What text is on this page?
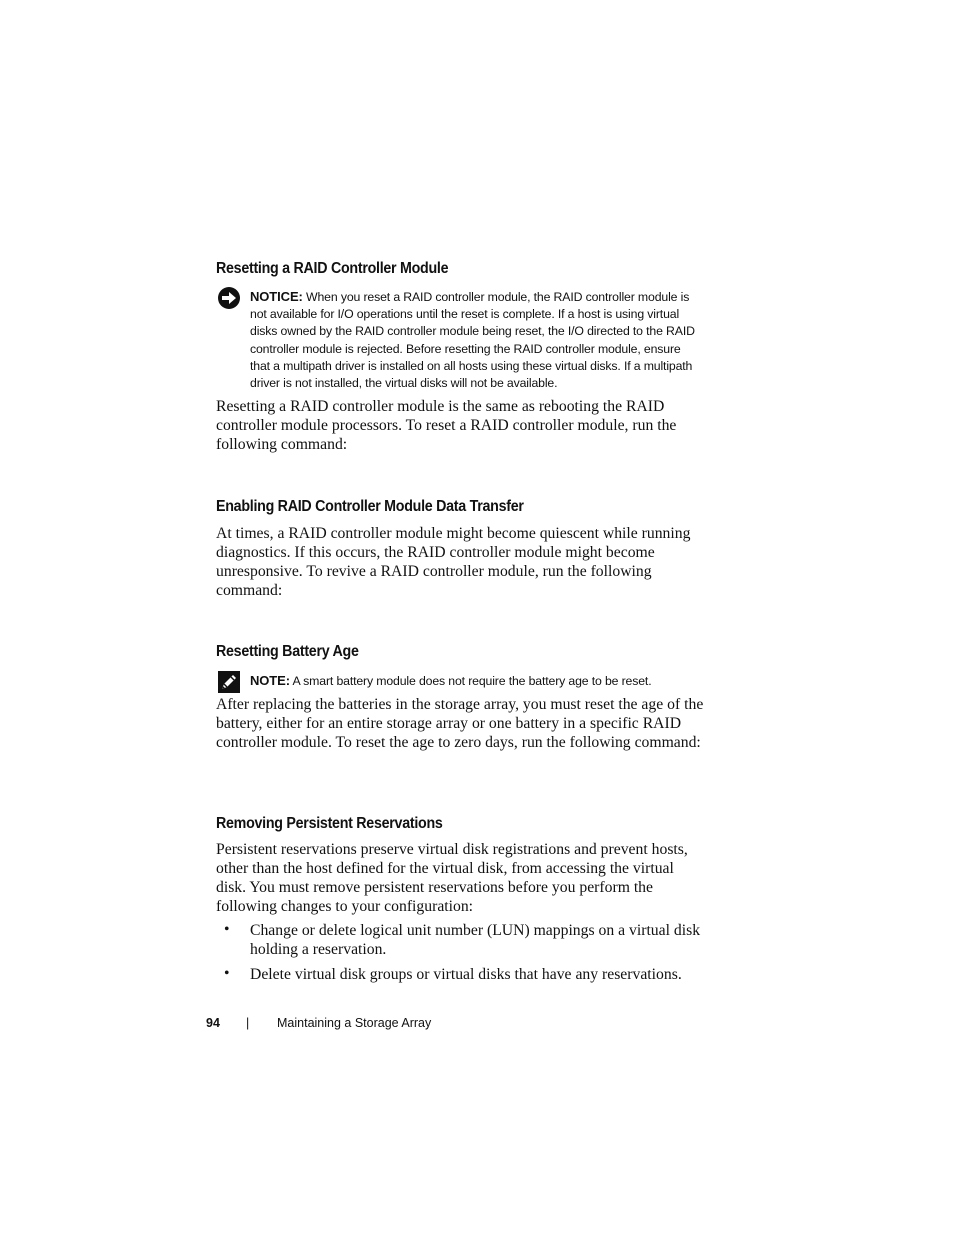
Resetting a RAID Controller Module
NOTICE: When you reset a RAID controller module, the RAID controller module is
not available for I/O operations until the reset is complete. If a host is using virtual
disks owned by the RAID controller module being reset, the I/O directed to the RAID
controller module is rejected. Before resetting the RAID controller module, ensure
that a multipath driver is installed on all hosts using these virtual disks. If a multipath
driver is not installed, the virtual disks will not be available.
Resetting a RAID controller module is the same as rebooting the RAID
controller module processors. To reset a RAID controller module, run the
following command:
Enabling RAID Controller Module Data Transfer
At times, a RAID controller module might become quiescent while running
diagnostics. If this occurs, the RAID controller module might become
unresponsive. To revive a RAID controller module, run the following
command:
Resetting Battery Age
NOTE: A smart battery module does not require the battery age to be reset.
After replacing the batteries in the storage array, you must reset the age of the
battery, either for an entire storage array or one battery in a specific RAID
controller module. To reset the age to zero days, run the following command:
Removing Persistent Reservations
Persistent reservations preserve virtual disk registrations and prevent hosts,
other than the host defined for the virtual disk, from accessing the virtual
disk. You must remove persistent reservations before you perform the
following changes to your configuration:
• Change or delete logical unit number (LUN) mappings on a virtual disk
holding a reservation.
• Delete virtual disk groups or virtual disks that have any reservations.
94 | Maintaining a Storage Array
